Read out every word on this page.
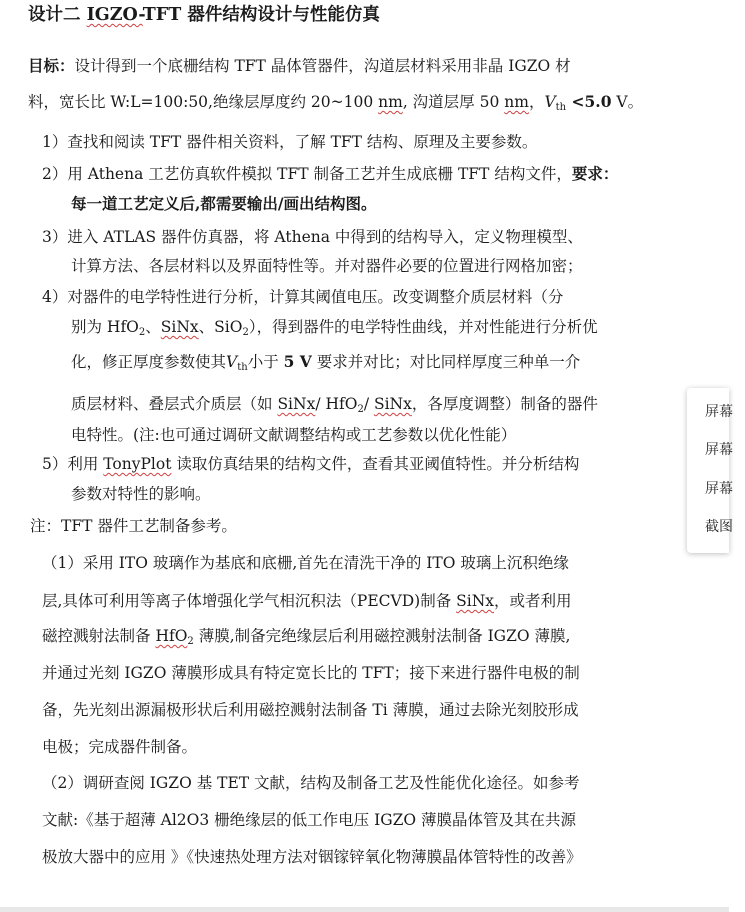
设计二 IGZO-TFT 器件结构设计与性能仿真
目标：设计得到一个底栅结构 TFT 晶体管器件，沟道层材料采用非晶 IGZO 材
料，宽长比 W:L=100:50,绝缘层厚度约 20~100 nm, 沟道层厚 50 nm，$V_{th} <5.0$ V。
1）查找和阅读 TFT 器件相关资料，了解 TFT 结构、原理及主要参数。
2）用 Athena 工艺仿真软件模拟 TFT 制备工艺并生成底栅 TFT 结构文件，要求：
每一道工艺定义后,都需要输出/画出结构图。
3）进入 ATLAS 器件仿真器，将 Athena 中得到的结构导入，定义物理模型、
计算方法、各层材料以及界面特性等。并对器件必要的位置进行网格加密；
4）对器件的电学特性进行分析，计算其阈值电压。改变调整介质层材料（分
别为 HfO$_2$、SiNx、SiO$_2$），得到器件的电学特性曲线，并对性能进行分析优
化，修正厚度参数使其$V_{th}$小于 5 V 要求并对比；对比同样厚度三种单一介
质层材料、叠层式介质层（如 SiNx/ HfO$_2$/ SiNx，各厚度调整）制备的器件
电特性。(注:也可通过调研文献调整结构或工艺参数以优化性能）
5）利用 TonyPlot 读取仿真结果的结构文件，查看其亚阈值特性。并分析结构
参数对特性的影响。
注：TFT 器件工艺制备参考。
（1）采用 ITO 玻璃作为基底和底栅,首先在清洗干净的 ITO 玻璃上沉积绝缘
层,具体可利用等离子体增强化学气相沉积法（PECVD)制备 SiNx，或者利用
磁控溅射法制备 HfO$_2$ 薄膜,制备完绝缘层后利用磁控溅射法制备 IGZO 薄膜,
并通过光刻 IGZO 薄膜形成具有特定宽长比的 TFT；接下来进行器件电极的制
备，先光刻出源漏极形状后利用磁控溅射法制备 Ti 薄膜，通过去除光刻胶形成
电极；完成器件制备。
（2）调研查阅 IGZO 基 TET 文献，结构及制备工艺及性能优化途径。如参考
文献:《基于超薄 Al2O3 栅绝缘层的低工作电压 IGZO 薄膜晶体管及其在共源
极放大器中的应用 》《快速热处理方法对铟镓锌氧化物薄膜晶体管特性的改善》
屏幕
屏幕
屏幕
截图
